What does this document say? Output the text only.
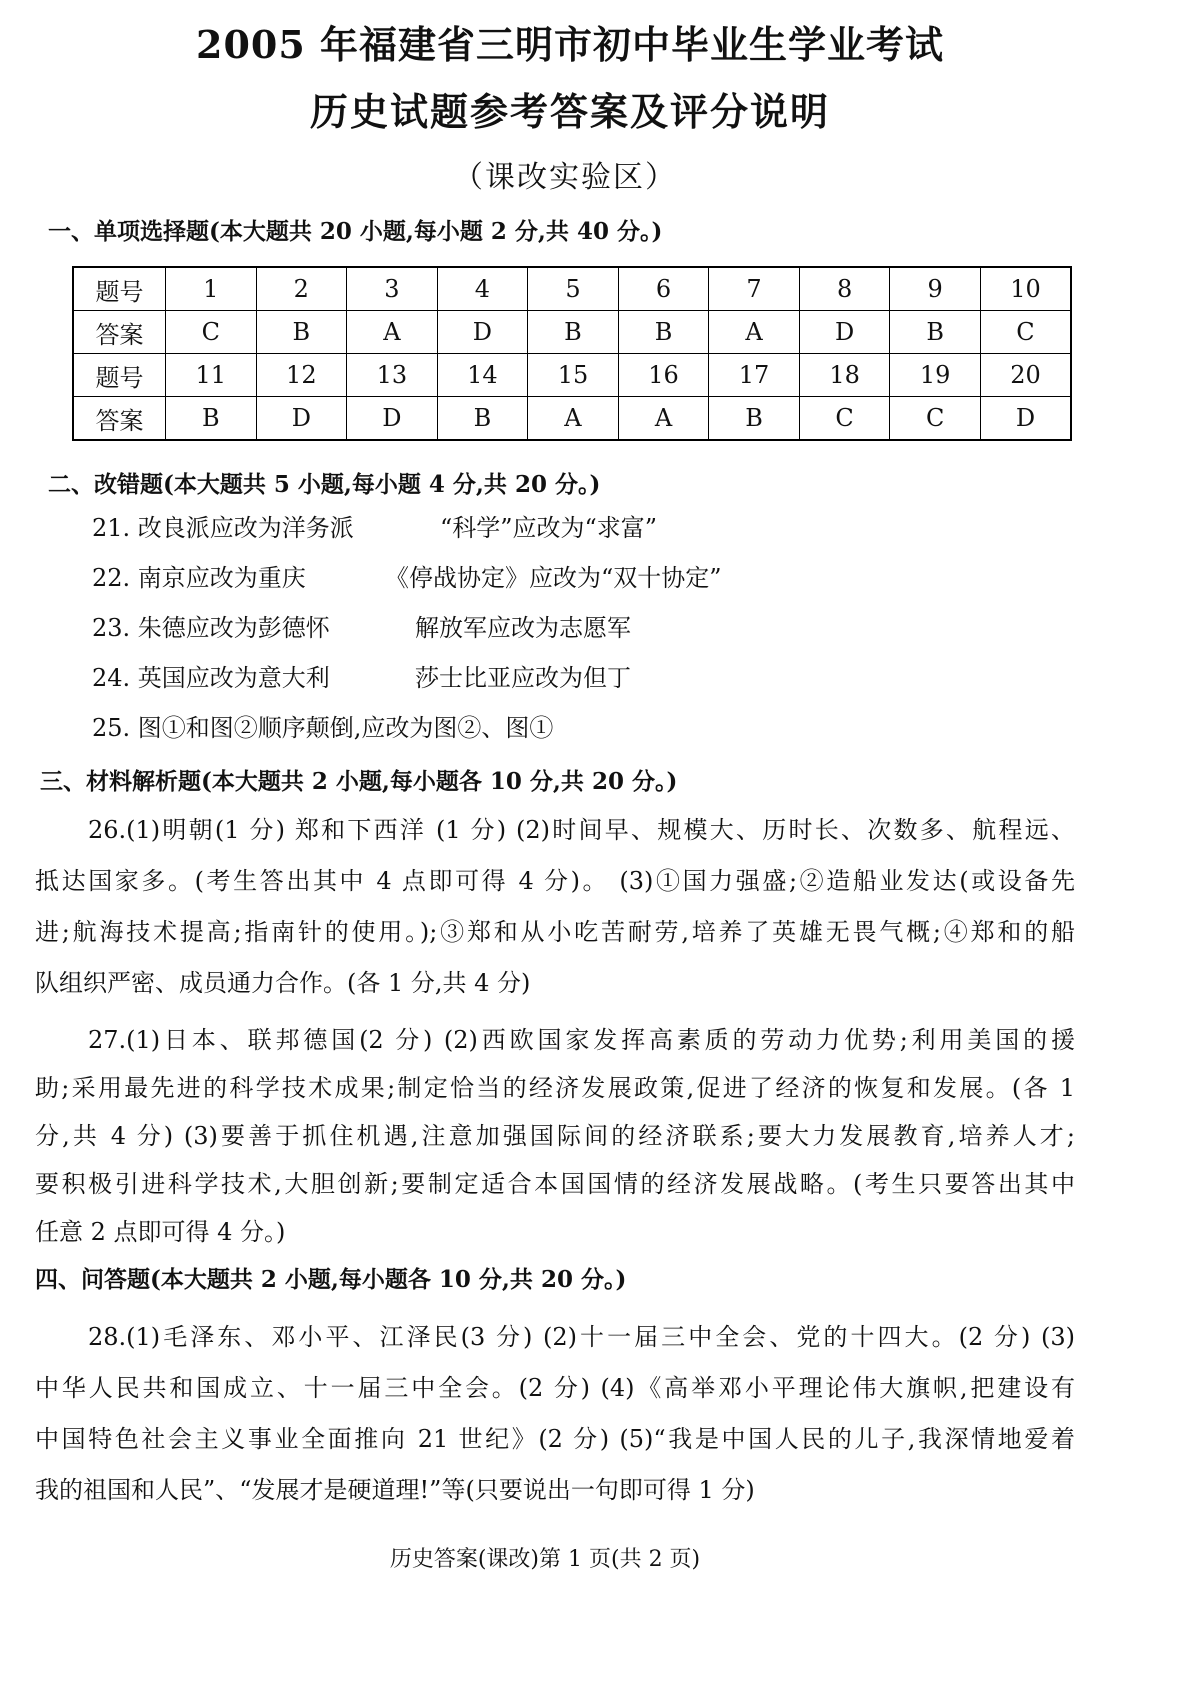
2005 年福建省三明市初中毕业生学业考试
历史试题参考答案及评分说明
（课改实验区）
一、单项选择题(本大题共 20 小题,每小题 2 分,共 40 分。)
题号	1	2	3	4	5	6	7	8	9	10
答案	C	B	A	D	B	B	A	D	B	C
题号	11	12	13	14	15	16	17	18	19	20
答案	B	D	D	B	A	A	B	C	C	D
二、改错题(本大题共 5 小题,每小题 4 分,共 20 分。)
21. 改良派应改为洋务派	“科学”应改为“求富”
22. 南京应改为重庆	《停战协定》应改为“双十协定”
23. 朱德应改为彭德怀	解放军应改为志愿军
24. 英国应改为意大利	莎士比亚应改为但丁
25. 图①和图②顺序颠倒,应改为图②、图①
三、材料解析题(本大题共 2 小题,每小题各 10 分,共 20 分。)
26.(1)明朝(1 分) 郑和下西洋 (1 分) (2)时间早、规模大、历时长、次数多、航程远、
抵达国家多。(考生答出其中 4 点即可得 4 分)。 (3)①国力强盛;②造船业发达(或设备先
进;航海技术提高;指南针的使用。);③郑和从小吃苦耐劳,培养了英雄无畏气概;④郑和的船
队组织严密、成员通力合作。(各 1 分,共 4 分)
27.(1)日本、联邦德国(2 分) (2)西欧国家发挥高素质的劳动力优势;利用美国的援
助;采用最先进的科学技术成果;制定恰当的经济发展政策,促进了经济的恢复和发展。(各 1
分,共 4 分) (3)要善于抓住机遇,注意加强国际间的经济联系;要大力发展教育,培养人才;
要积极引进科学技术,大胆创新;要制定适合本国国情的经济发展战略。(考生只要答出其中
任意 2 点即可得 4 分。)
四、问答题(本大题共 2 小题,每小题各 10 分,共 20 分。)
28.(1)毛泽东、邓小平、江泽民(3 分) (2)十一届三中全会、党的十四大。(2 分) (3)
中华人民共和国成立、十一届三中全会。(2 分) (4)《高举邓小平理论伟大旗帜,把建设有
中国特色社会主义事业全面推向 21 世纪》(2 分) (5)“我是中国人民的儿子,我深情地爱着
我的祖国和人民”、“发展才是硬道理!”等(只要说出一句即可得 1 分)
历史答案(课改)第 1 页(共 2 页)
